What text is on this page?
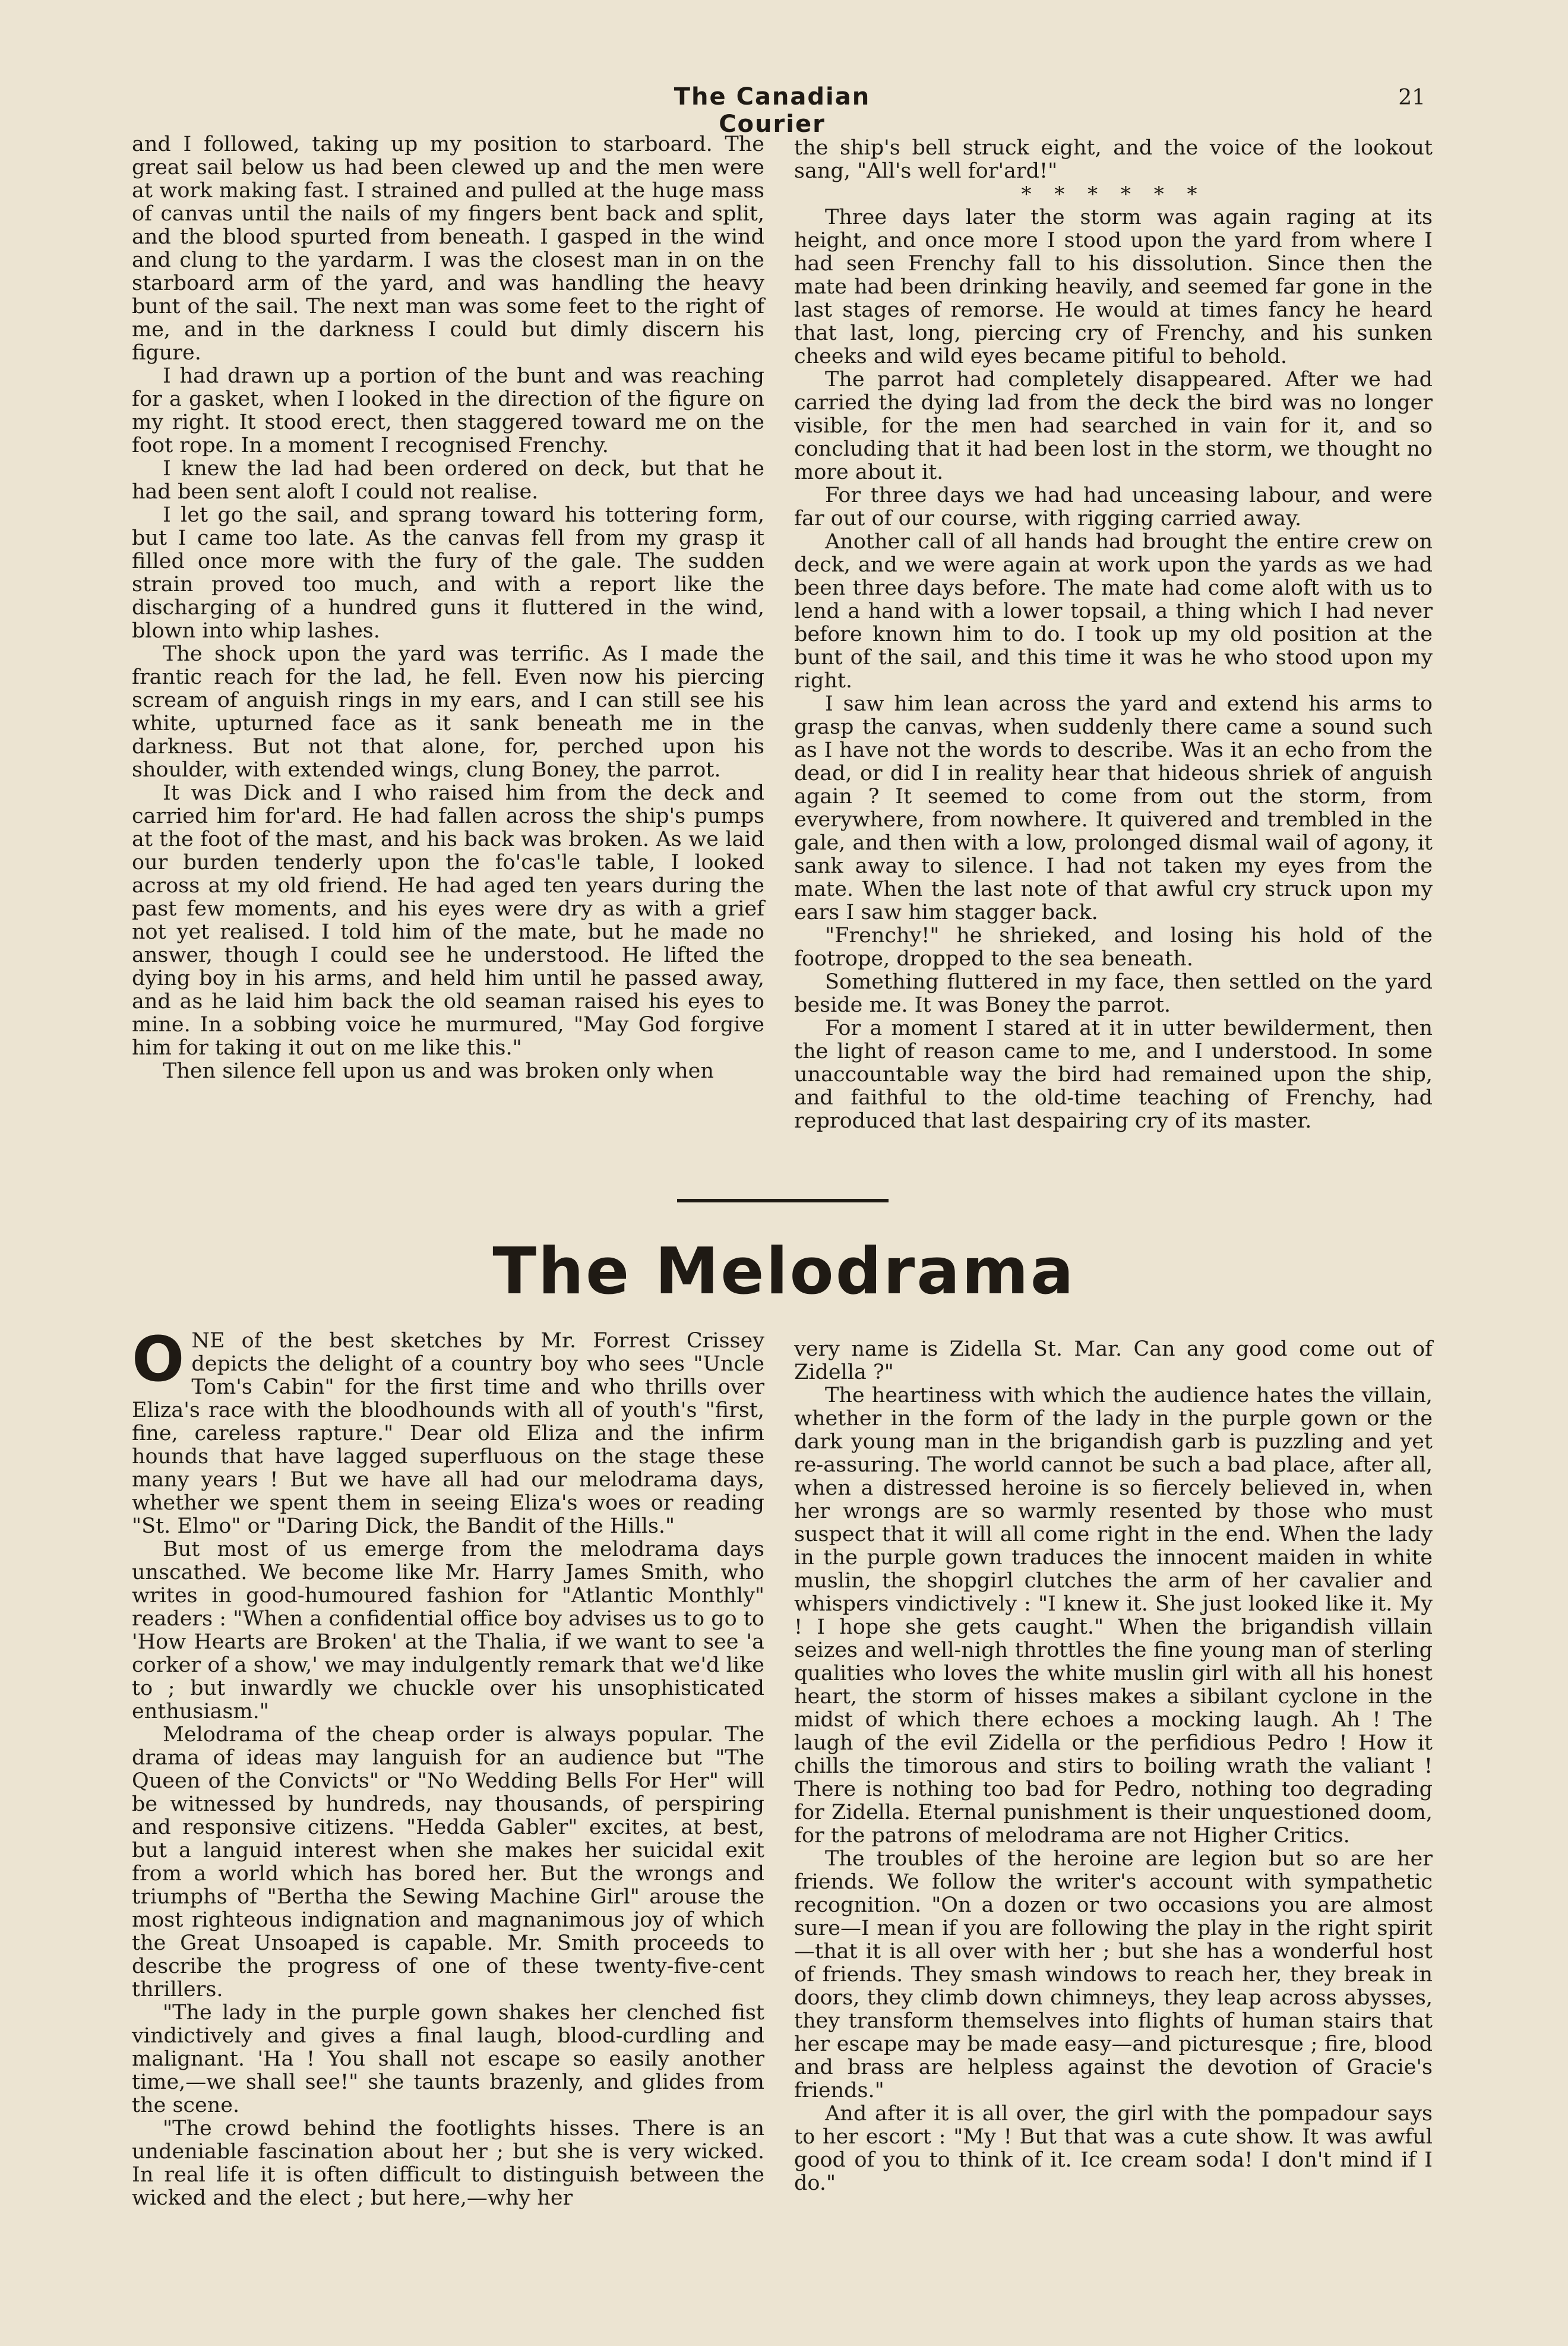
The Canadian Courier
21

and I followed, taking up my position to starboard. The great sail below us had been clewed up and the men were at work making fast. I strained and pulled at the huge mass of canvas until the nails of my fingers bent back and split, and the blood spurted from beneath. I gasped in the wind and clung to the yardarm. I was the closest man in on the starboard arm of the yard, and was handling the heavy bunt of the sail. The next man was some feet to the right of me, and in the darkness I could but dimly discern his figure.

I had drawn up a portion of the bunt and was reaching for a gasket, when I looked in the direction of the figure on my right. It stood erect, then staggered toward me on the foot rope. In a moment I recognised Frenchy.

I knew the lad had been ordered on deck, but that he had been sent aloft I could not realise.

I let go the sail, and sprang toward his tottering form, but I came too late. As the canvas fell from my grasp it filled once more with the fury of the gale. The sudden strain proved too much, and with a report like the discharging of a hundred guns it fluttered in the wind, blown into whip lashes.

The shock upon the yard was terrific. As I made the frantic reach for the lad, he fell. Even now his piercing scream of anguish rings in my ears, and I can still see his white, upturned face as it sank beneath me in the darkness. But not that alone, for, perched upon his shoulder, with extended wings, clung Boney, the parrot.

It was Dick and I who raised him from the deck and carried him for'ard. He had fallen across the ship's pumps at the foot of the mast, and his back was broken. As we laid our burden tenderly upon the fo'cas'le table, I looked across at my old friend. He had aged ten years during the past few moments, and his eyes were dry as with a grief not yet realised. I told him of the mate, but he made no answer, though I could see he understood. He lifted the dying boy in his arms, and held him until he passed away, and as he laid him back the old seaman raised his eyes to mine. In a sobbing voice he murmured, "May God forgive him for taking it out on me like this."

Then silence fell upon us and was broken only when

the ship's bell struck eight, and the voice of the lookout sang, "All's well for'ard!"

* * * * * *

Three days later the storm was again raging at its height, and once more I stood upon the yard from where I had seen Frenchy fall to his dissolution. Since then the mate had been drinking heavily, and seemed far gone in the last stages of remorse. He would at times fancy he heard that last, long, piercing cry of Frenchy, and his sunken cheeks and wild eyes became pitiful to behold.

The parrot had completely disappeared. After we had carried the dying lad from the deck the bird was no longer visible, for the men had searched in vain for it, and so concluding that it had been lost in the storm, we thought no more about it.

For three days we had had unceasing labour, and were far out of our course, with rigging carried away.

Another call of all hands had brought the entire crew on deck, and we were again at work upon the yards as we had been three days before. The mate had come aloft with us to lend a hand with a lower topsail, a thing which I had never before known him to do. I took up my old position at the bunt of the sail, and this time it was he who stood upon my right.

I saw him lean across the yard and extend his arms to grasp the canvas, when suddenly there came a sound such as I have not the words to describe. Was it an echo from the dead, or did I in reality hear that hideous shriek of anguish again ? It seemed to come from out the storm, from everywhere, from nowhere. It quivered and trembled in the gale, and then with a low, prolonged dismal wail of agony, it sank away to silence. I had not taken my eyes from the mate. When the last note of that awful cry struck upon my ears I saw him stagger back.

"Frenchy!" he shrieked, and losing his hold of the footrope, dropped to the sea beneath.

Something fluttered in my face, then settled on the yard beside me. It was Boney the parrot.

For a moment I stared at it in utter bewilderment, then the light of reason came to me, and I understood. In some unaccountable way the bird had remained upon the ship, and faithful to the old-time teaching of Frenchy, had reproduced that last despairing cry of its master.

The Melodrama

ONE of the best sketches by Mr. Forrest Crissey depicts the delight of a country boy who sees "Uncle Tom's Cabin" for the first time and who thrills over Eliza's race with the bloodhounds with all of youth's "first, fine, careless rapture." Dear old Eliza and the infirm hounds that have lagged superfluous on the stage these many years ! But we have all had our melodrama days, whether we spent them in seeing Eliza's woes or reading "St. Elmo" or "Daring Dick, the Bandit of the Hills."

But most of us emerge from the melodrama days unscathed. We become like Mr. Harry James Smith, who writes in good-humoured fashion for "Atlantic Monthly" readers : "When a confidential office boy advises us to go to 'How Hearts are Broken' at the Thalia, if we want to see 'a corker of a show,' we may indulgently remark that we'd like to ; but inwardly we chuckle over his unsophisticated enthusiasm."

Melodrama of the cheap order is always popular. The drama of ideas may languish for an audience but "The Queen of the Convicts" or "No Wedding Bells For Her" will be witnessed by hundreds, nay thousands, of perspiring and responsive citizens. "Hedda Gabler" excites, at best, but a languid interest when she makes her suicidal exit from a world which has bored her. But the wrongs and triumphs of "Bertha the Sewing Machine Girl" arouse the most righteous indignation and magnanimous joy of which the Great Unsoaped is capable. Mr. Smith proceeds to describe the progress of one of these twenty-five-cent thrillers.

"The lady in the purple gown shakes her clenched fist vindictively and gives a final laugh, blood-curdling and malignant. 'Ha ! You shall not escape so easily another time,—we shall see!" she taunts brazenly, and glides from the scene.

"The crowd behind the footlights hisses. There is an undeniable fascination about her ; but she is very wicked. In real life it is often difficult to distinguish between the wicked and the elect ; but here,—why her

very name is Zidella St. Mar. Can any good come out of Zidella ?"

The heartiness with which the audience hates the villain, whether in the form of the lady in the purple gown or the dark young man in the brigandish garb is puzzling and yet re-assuring. The world cannot be such a bad place, after all, when a distressed heroine is so fiercely believed in, when her wrongs are so warmly resented by those who must suspect that it will all come right in the end. When the lady in the purple gown traduces the innocent maiden in white muslin, the shopgirl clutches the arm of her cavalier and whispers vindictively : "I knew it. She just looked like it. My ! I hope she gets caught." When the brigandish villain seizes and well-nigh throttles the fine young man of sterling qualities who loves the white muslin girl with all his honest heart, the storm of hisses makes a sibilant cyclone in the midst of which there echoes a mocking laugh. Ah ! The laugh of the evil Zidella or the perfidious Pedro ! How it chills the timorous and stirs to boiling wrath the valiant ! There is nothing too bad for Pedro, nothing too degrading for Zidella. Eternal punishment is their unquestioned doom, for the patrons of melodrama are not Higher Critics.

The troubles of the heroine are legion but so are her friends. We follow the writer's account with sympathetic recognition. "On a dozen or two occasions you are almost sure—I mean if you are following the play in the right spirit—that it is all over with her ; but she has a wonderful host of friends. They smash windows to reach her, they break in doors, they climb down chimneys, they leap across abysses, they transform themselves into flights of human stairs that her escape may be made easy—and picturesque ; fire, blood and brass are helpless against the devotion of Gracie's friends."

And after it is all over, the girl with the pompadour says to her escort : "My ! But that was a cute show. It was awful good of you to think of it. Ice cream soda! I don't mind if I do."
